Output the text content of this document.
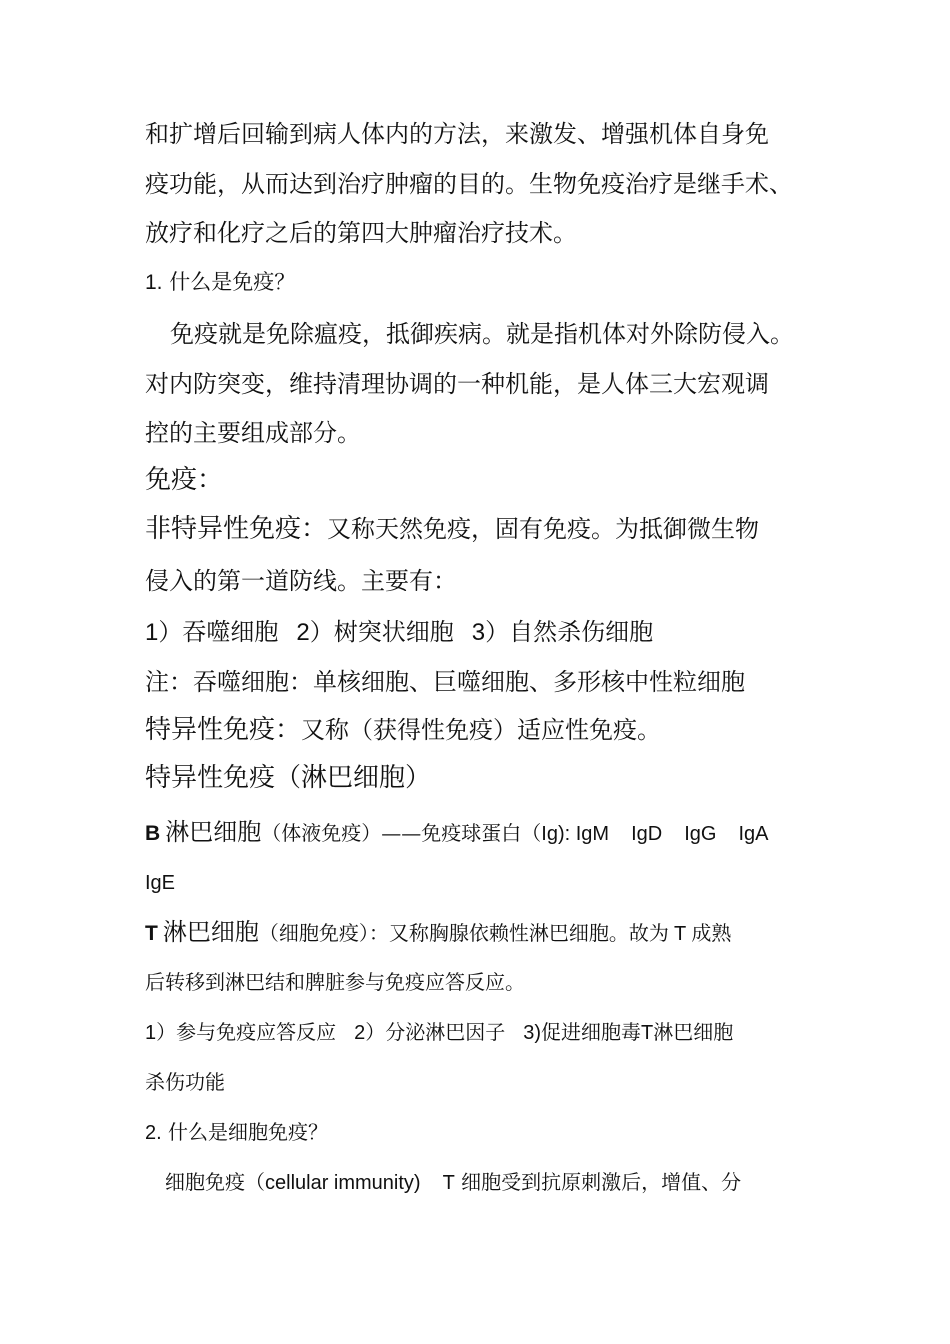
和扩增后回输到病人体内的方法，来激发、增强机体自身免
疫功能，从而达到治疗肿瘤的目的。生物免疫治疗是继手术、
放疗和化疗之后的第四大肿瘤治疗技术。
1. 什么是免疫？
免疫就是免除瘟疫，抵御疾病。就是指机体对外除防侵入。
对内防突变，维持清理协调的一种机能，是人体三大宏观调
控的主要组成部分。
免疫：
非特异性免疫：又称天然免疫，固有免疫。为抵御微生物
侵入的第一道防线。主要有：
1）吞噬细胞 2）树突状细胞 3）自然杀伤细胞
注：吞噬细胞：单核细胞、巨噬细胞、多形核中性粒细胞
特异性免疫：又称（获得性免疫）适应性免疫。
特异性免疫（淋巴细胞）
B 淋巴细胞（体液免疫）——免疫球蛋白（Ig): IgM IgD IgG IgA
IgE
T 淋巴细胞（细胞免疫）：又称胸腺依赖性淋巴细胞。故为 T 成熟
后转移到淋巴结和脾脏参与免疫应答反应。
1）参与免疫应答反应 2）分泌淋巴因子 3)促进细胞毒T淋巴细胞
杀伤功能
2. 什么是细胞免疫？
细胞免疫（cellular immunity) T 细胞受到抗原刺激后，增值、分
